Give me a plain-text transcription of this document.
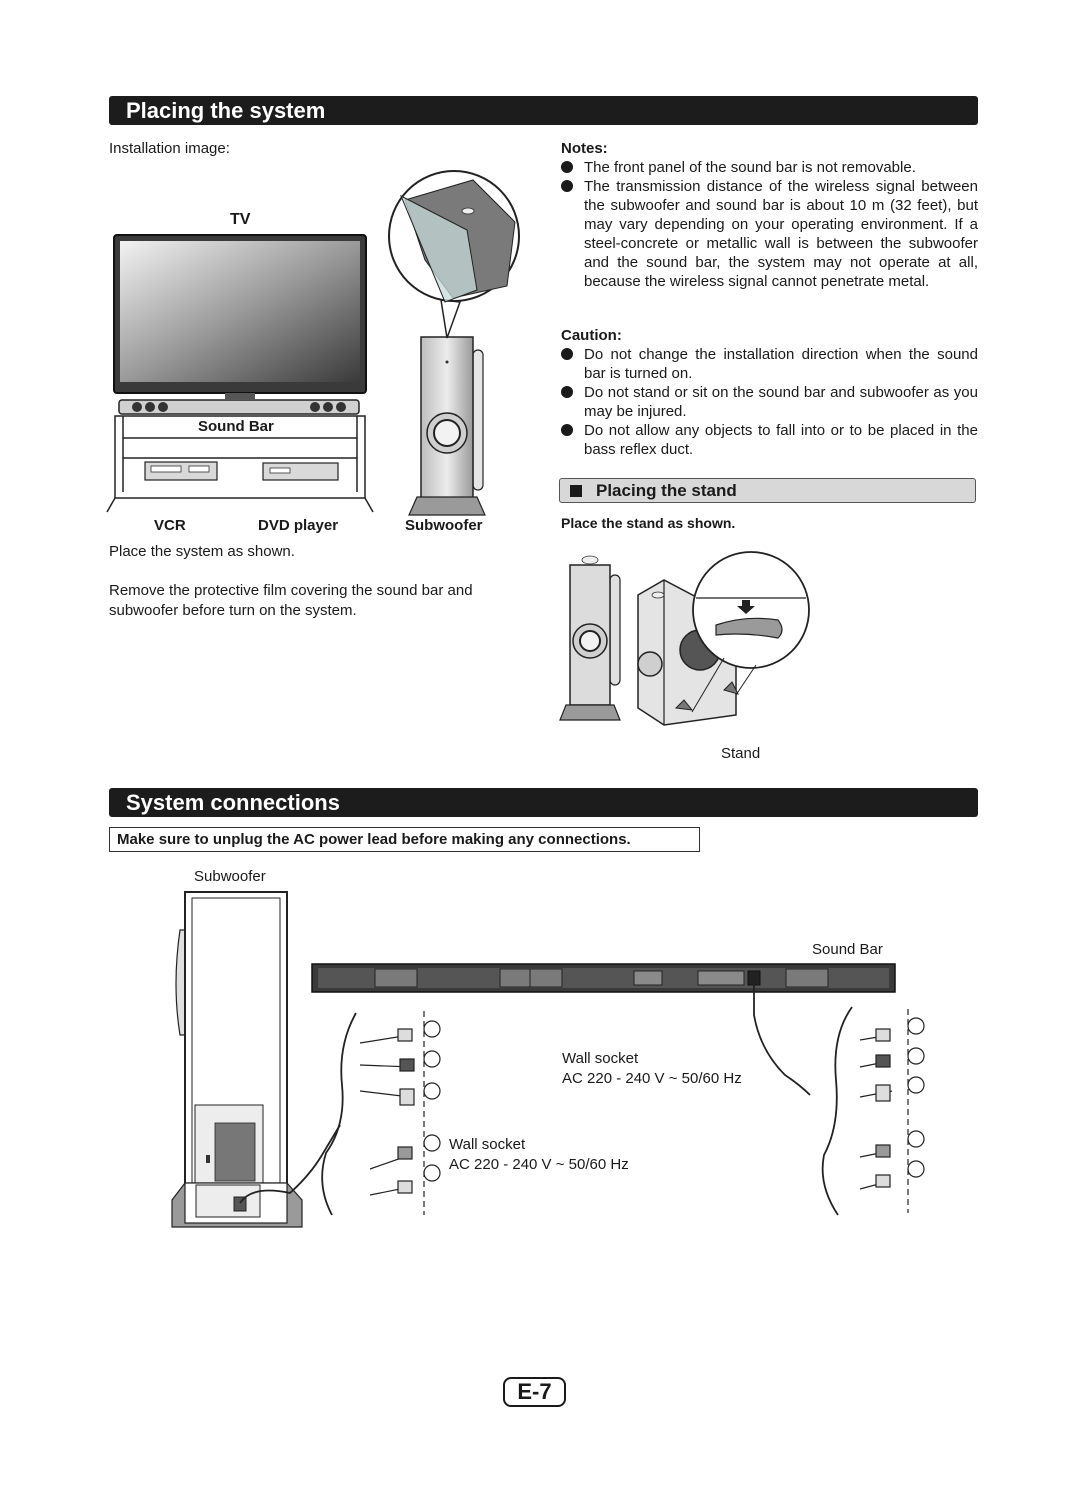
Placing the system
Installation image:
TV
Sound Bar
VCR	DVD player	Subwoofer
Place the system as shown.
Remove the protective film covering the sound bar and
subwoofer before turn on the system.
Notes:
The front panel of the sound bar is not removable.
The transmission distance of the wireless signal between the subwoofer and sound bar is about 10 m (32 feet), but may vary depending on your operating environment. If a steel-concrete or metallic wall is between the subwoofer and the sound bar, the system may not operate at all, because the wireless signal cannot penetrate metal.
Caution:
Do not change the installation direction when the sound bar is turned on.
Do not stand or sit on the sound bar and subwoofer as you may be injured.
Do not allow any objects to fall into or to be placed in the bass reflex duct.
Placing the stand
Place the stand as shown.
Stand
System connections
Make sure to unplug the AC power lead before making any connections.
Subwoofer
Sound Bar
Wall socket
AC 220 - 240 V ~ 50/60 Hz
Wall socket
AC 220 - 240 V ~ 50/60 Hz
E-7
